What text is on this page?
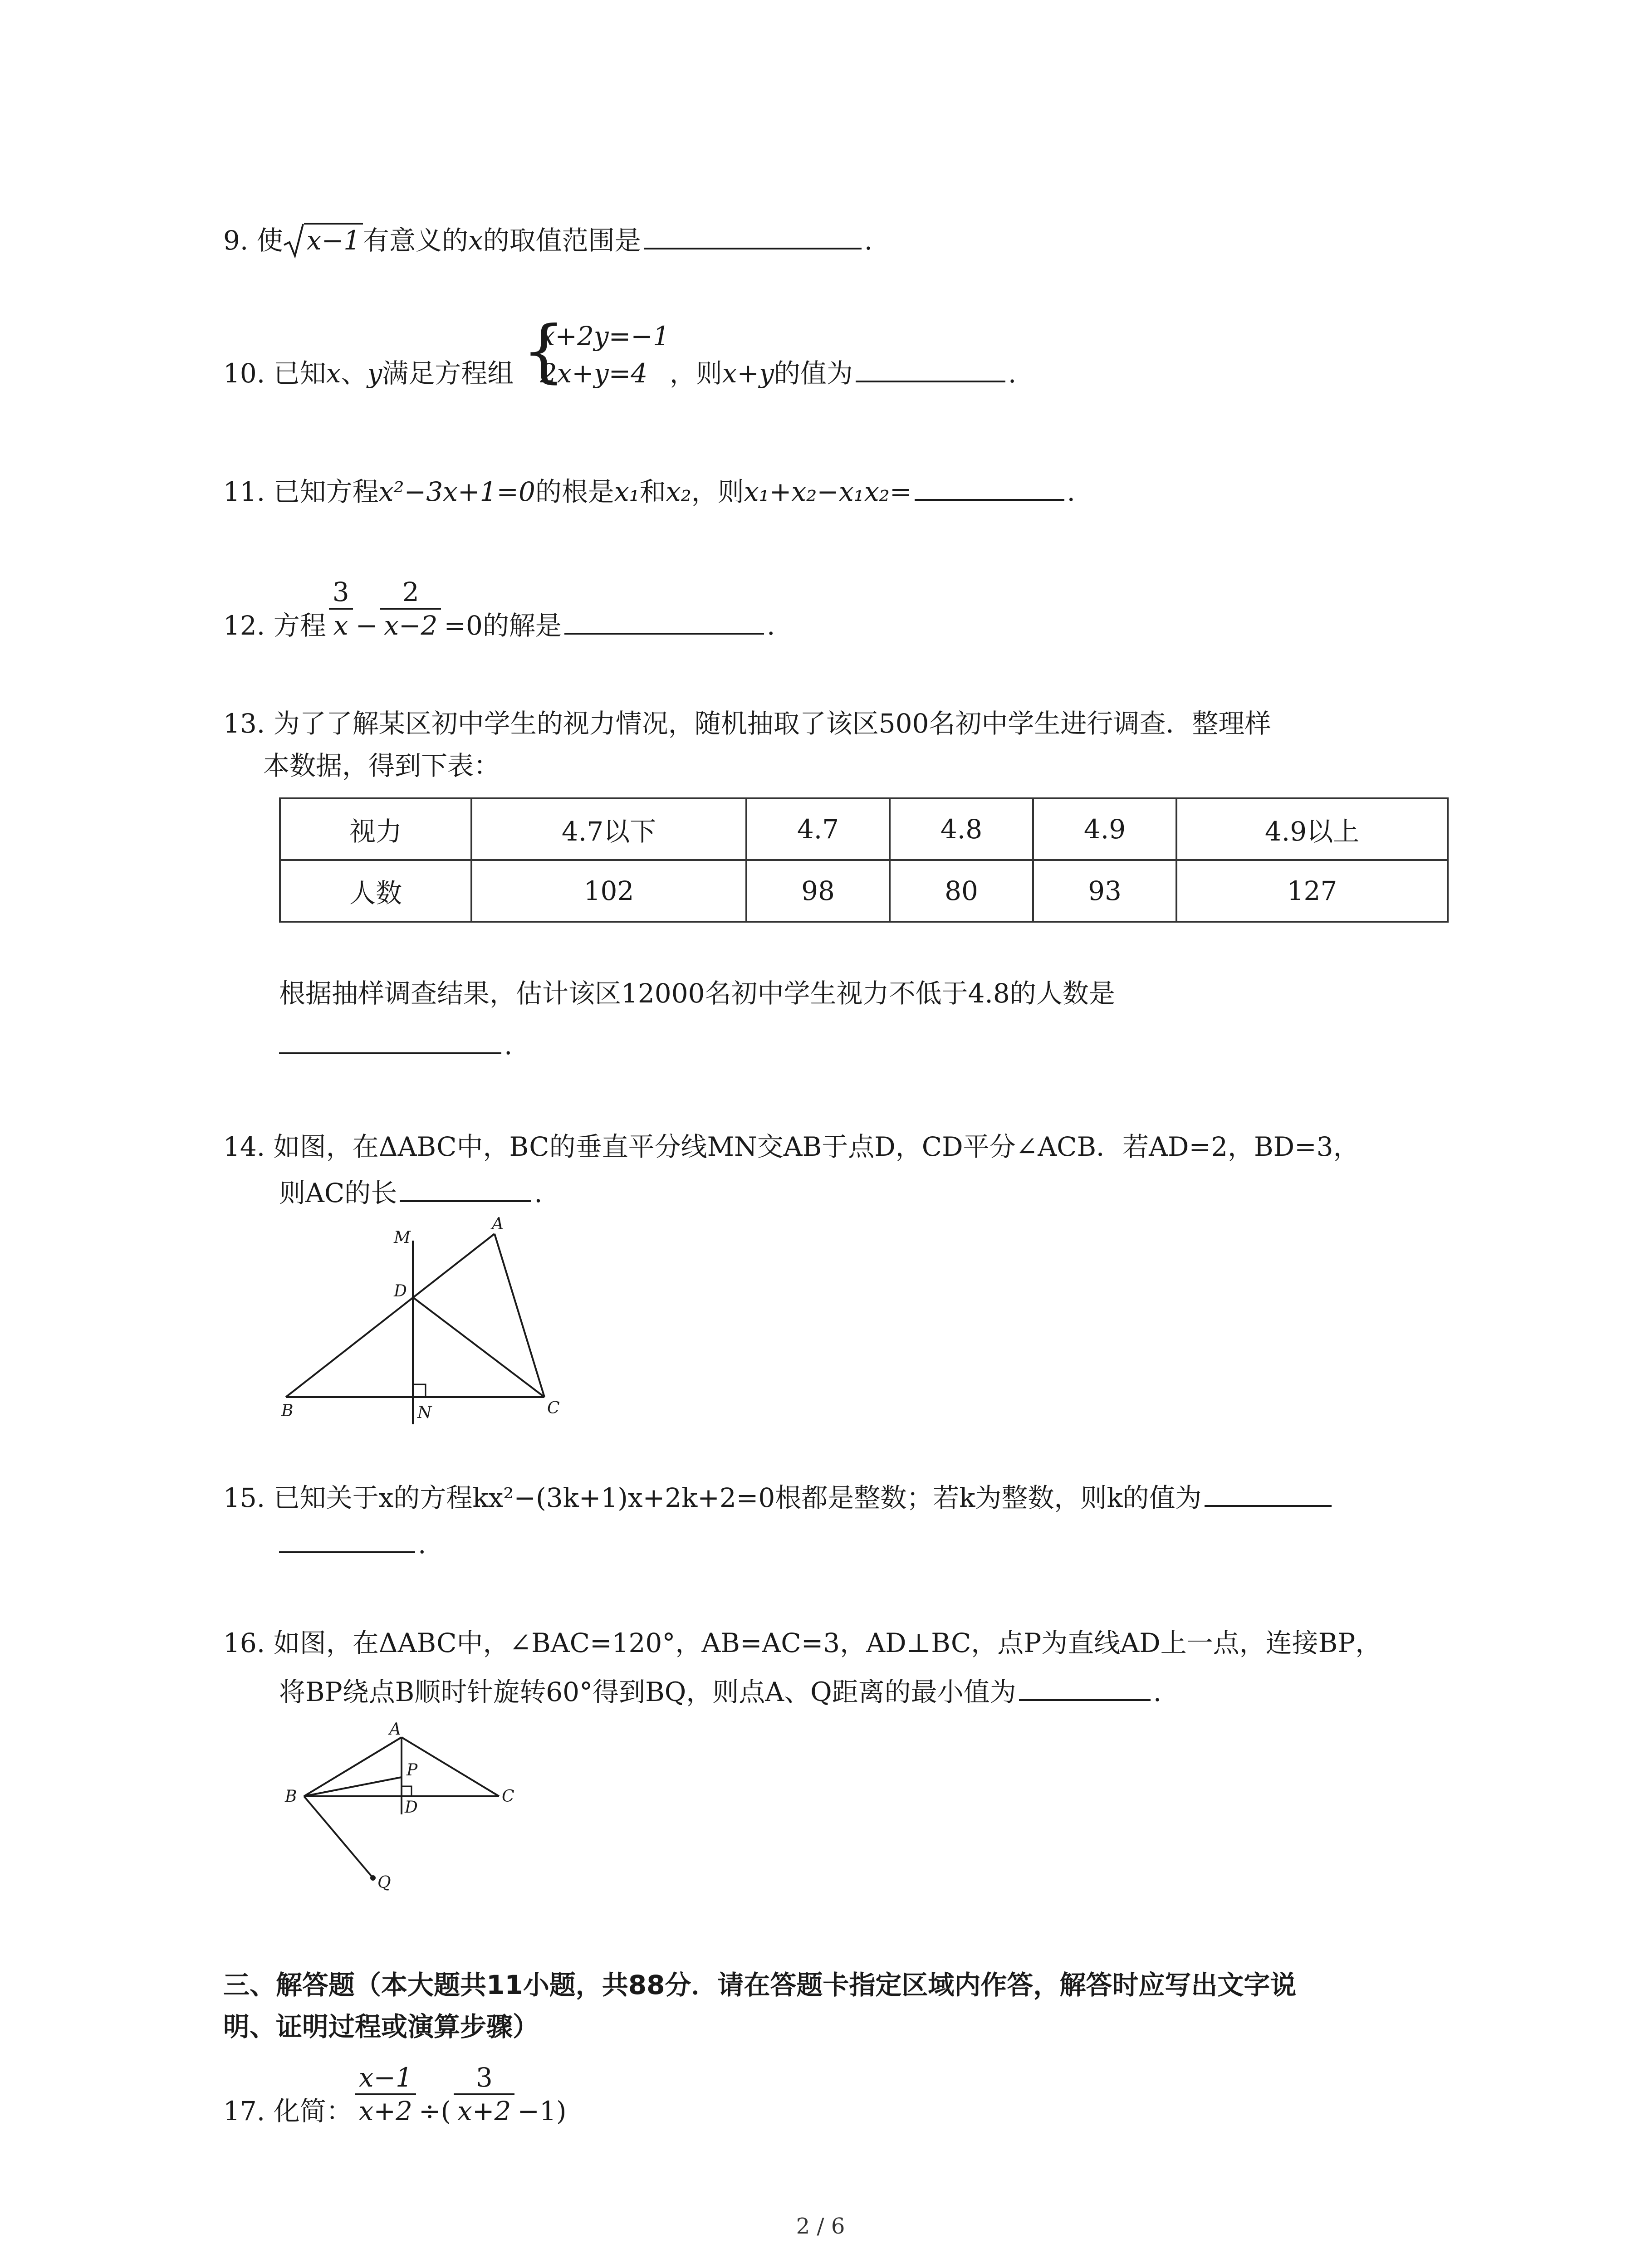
9. 使 x−1 有意义的x的取值范围是	.
10. 已知x、y满足方程组 {
x+2y=−1
2x+y=4 ，则x+y的值为	.
11. 已知方程x²−3x+1=0的根是x₁和x₂，则x₁+x₂−x₁x₂=	.
12. 方程 $\frac{3}{x} - \frac{2}{x-2} =0$的解是	.
13. 为了了解某区初中学生的视力情况，随机抽取了该区500名初中学生进行调查．整理样
本数据，得到下表：
视力	4.7以下	4.7	4.8	4.9	4.9以上
人数	102	98	80	93	127
根据抽样调查结果，估计该区12000名初中学生视力不低于4.8的人数是
.
14. 如图，在ΔABC中，BC的垂直平分线MN交AB于点D，CD平分∠ACB．若AD=2，BD=3，
则AC的长	.
M
A
D
B	N	C
15. 已知关于x的方程kx²−(3k+1)x+2k+2=0根都是整数；若k为整数，则k的值为
.
16. 如图，在ΔABC中，∠BAC=120°，AB=AC=3，AD⊥BC，点P为直线AD上一点，连接BP，
将BP绕点B顺时针旋转60°得到BQ，则点A、Q距离的最小值为	.
A
P
B
D
C
Q
三、解答题（本大题共11小题，共88分．请在答题卡指定区域内作答，解答时应写出文字说
明、证明过程或演算步骤）
17. 化简： $\frac{x-1}{x+2}$ ÷( $\frac{3}{x+2} -1$)
2 / 6
